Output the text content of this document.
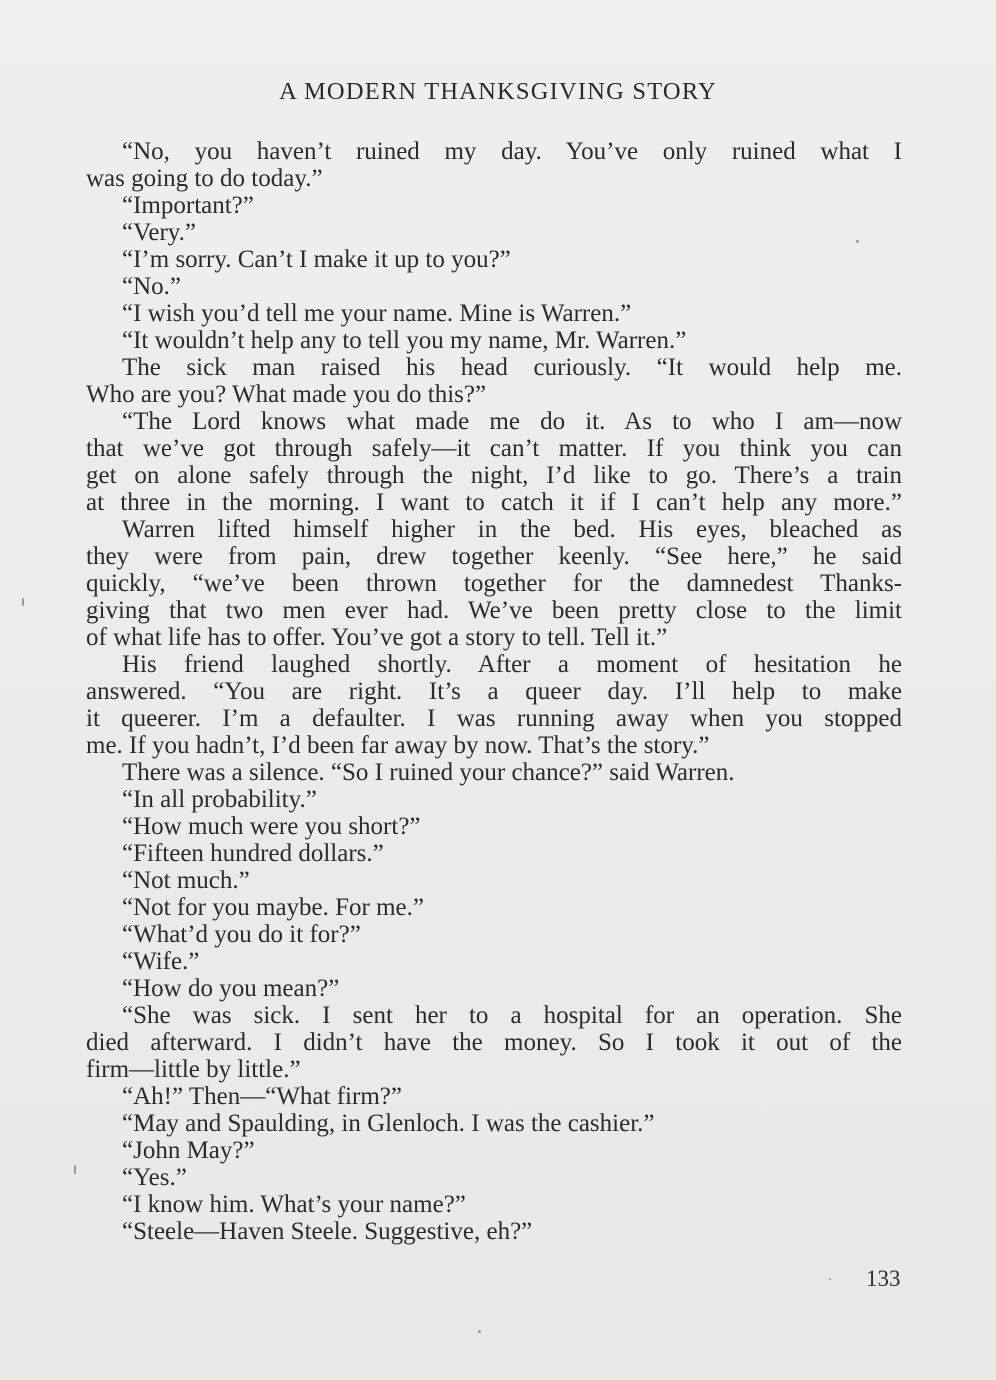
A MODERN THANKSGIVING STORY
“No, you haven’t ruined my day. You’ve only ruined what I
was going to do today.”
“Important?”
“Very.”
“I’m sorry. Can’t I make it up to you?”
“No.”
“I wish you’d tell me your name. Mine is Warren.”
“It wouldn’t help any to tell you my name, Mr. Warren.”
The sick man raised his head curiously. “It would help me.
Who are you? What made you do this?”
“The Lord knows what made me do it. As to who I am—now
that we’ve got through safely—it can’t matter. If you think you can
get on alone safely through the night, I’d like to go. There’s a train
at three in the morning. I want to catch it if I can’t help any more.”
Warren lifted himself higher in the bed. His eyes, bleached as
they were from pain, drew together keenly. “See here,” he said
quickly, “we’ve been thrown together for the damnedest Thanks-
giving that two men ever had. We’ve been pretty close to the limit
of what life has to offer. You’ve got a story to tell. Tell it.”
His friend laughed shortly. After a moment of hesitation he
answered. “You are right. It’s a queer day. I’ll help to make
it queerer. I’m a defaulter. I was running away when you stopped
me. If you hadn’t, I’d been far away by now. That’s the story.”
There was a silence. “So I ruined your chance?” said Warren.
“In all probability.”
“How much were you short?”
“Fifteen hundred dollars.”
“Not much.”
“Not for you maybe. For me.”
“What’d you do it for?”
“Wife.”
“How do you mean?”
“She was sick. I sent her to a hospital for an operation. She
died afterward. I didn’t have the money. So I took it out of the
firm—little by little.”
“Ah!” Then—“What firm?”
“May and Spaulding, in Glenloch. I was the cashier.”
“John May?”
“Yes.”
“I know him. What’s your name?”
“Steele—Haven Steele. Suggestive, eh?”
133
